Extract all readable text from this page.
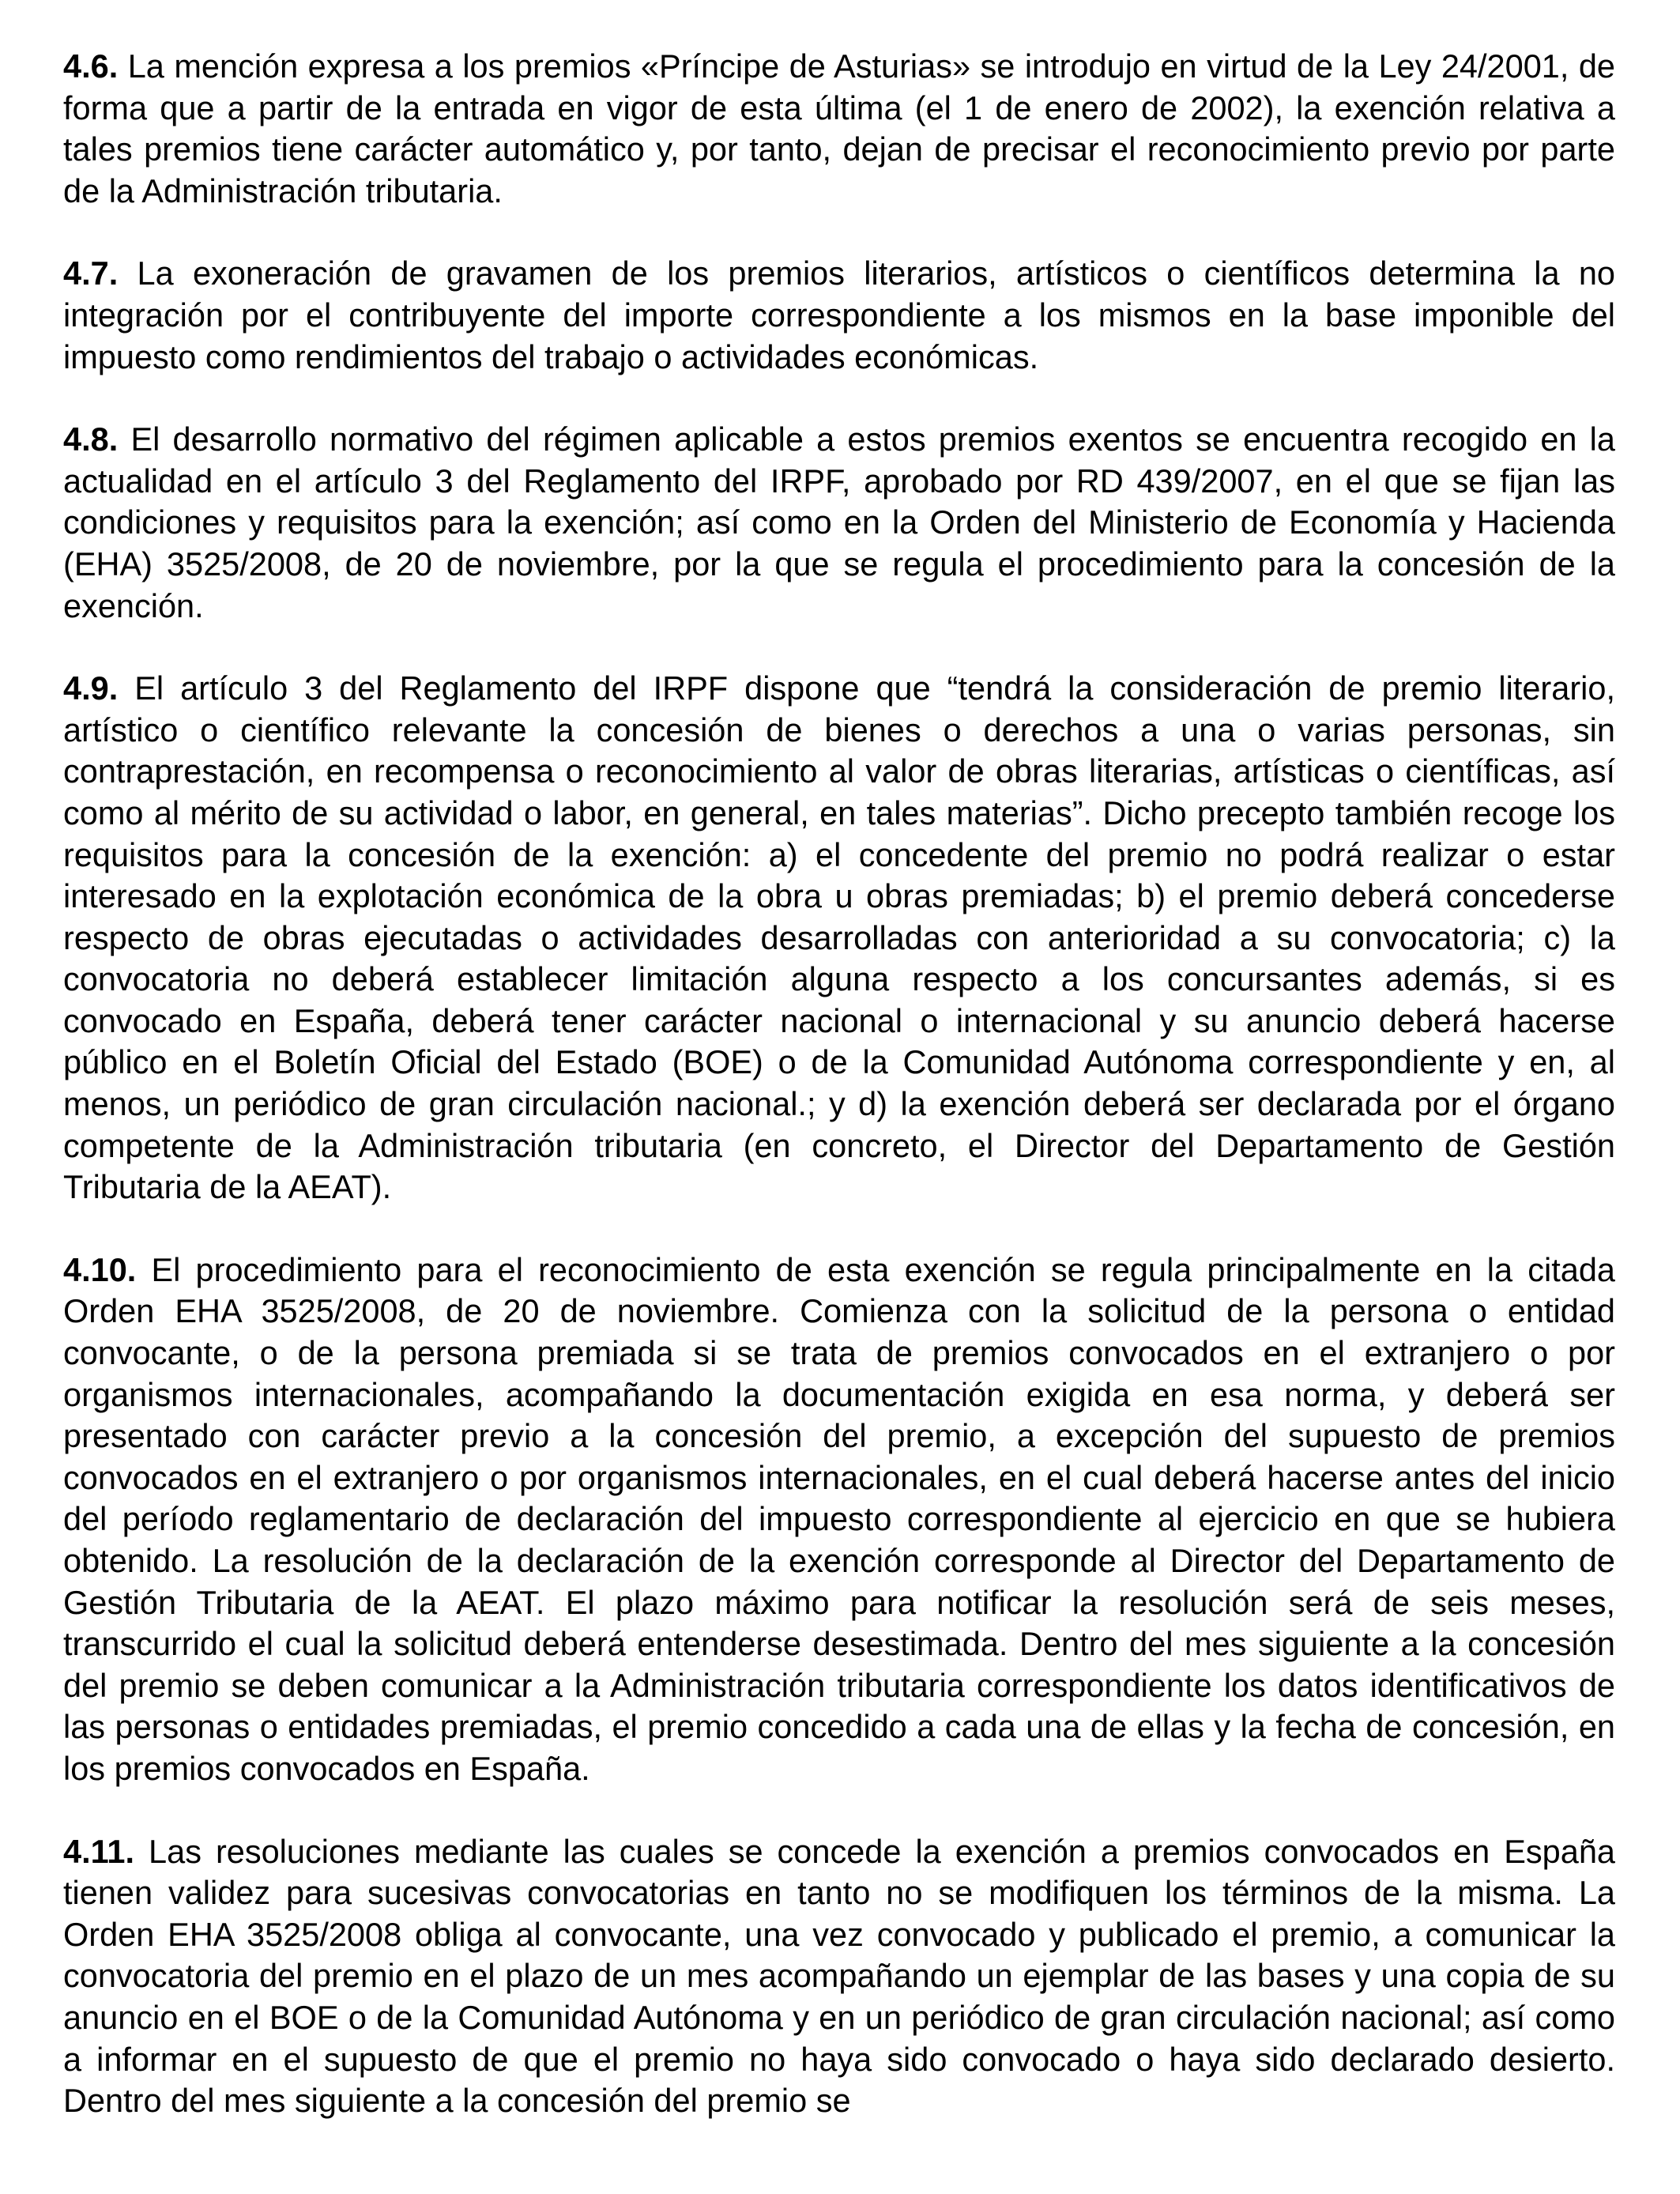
4.6. La mención expresa a los premios «Príncipe de Asturias» se introdujo en virtud de la Ley 24/2001, de forma que a partir de la entrada en vigor de esta última (el 1 de enero de 2002), la exención relativa a tales premios tiene carácter automático y, por tanto, dejan de precisar el reconocimiento previo por parte de la Administración tributaria.

4.7. La exoneración de gravamen de los premios literarios, artísticos o científicos determina la no integración por el contribuyente del importe correspondiente a los mismos en la base imponible del impuesto como rendimientos del trabajo o actividades económicas.

4.8. El desarrollo normativo del régimen aplicable a estos premios exentos se encuentra recogido en la actualidad en el artículo 3 del Reglamento del IRPF, aprobado por RD 439/2007, en el que se fijan las condiciones y requisitos para la exención; así como en la Orden del Ministerio de Economía y Hacienda (EHA) 3525/2008, de 20 de noviembre, por la que se regula el procedimiento para la concesión de la exención.

4.9. El artículo 3 del Reglamento del IRPF dispone que “tendrá la consideración de premio literario, artístico o científico relevante la concesión de bienes o derechos a una o varias personas, sin contraprestación, en recompensa o reconocimiento al valor de obras literarias, artísticas o científicas, así como al mérito de su actividad o labor, en general, en tales materias”. Dicho precepto también recoge los requisitos para la concesión de la exención: a) el concedente del premio no podrá realizar o estar interesado en la explotación económica de la obra u obras premiadas; b) el premio deberá concederse respecto de obras ejecutadas o actividades desarrolladas con anterioridad a su convocatoria; c) la convocatoria no deberá establecer limitación alguna respecto a los concursantes además, si es convocado en España, deberá tener carácter nacional o internacional y su anuncio deberá hacerse público en el Boletín Oficial del Estado (BOE) o de la Comunidad Autónoma correspondiente y en, al menos, un periódico de gran circulación nacional.; y d) la exención deberá ser declarada por el órgano competente de la Administración tributaria (en concreto, el Director del Departamento de Gestión Tributaria de la AEAT).

4.10. El procedimiento para el reconocimiento de esta exención se regula principalmente en la citada Orden EHA 3525/2008, de 20 de noviembre. Comienza con la solicitud de la persona o entidad convocante, o de la persona premiada si se trata de premios convocados en el extranjero o por organismos internacionales, acompañando la documentación exigida en esa norma, y deberá ser presentado con carácter previo a la concesión del premio, a excepción del supuesto de premios convocados en el extranjero o por organismos internacionales, en el cual deberá hacerse antes del inicio del período reglamentario de declaración del impuesto correspondiente al ejercicio en que se hubiera obtenido. La resolución de la declaración de la exención corresponde al Director del Departamento de Gestión Tributaria de la AEAT. El plazo máximo para notificar la resolución será de seis meses, transcurrido el cual la solicitud deberá entenderse desestimada. Dentro del mes siguiente a la concesión del premio se deben comunicar a la Administración tributaria correspondiente los datos identificativos de las personas o entidades premiadas, el premio concedido a cada una de ellas y la fecha de concesión, en los premios convocados en España.

4.11. Las resoluciones mediante las cuales se concede la exención a premios convocados en España tienen validez para sucesivas convocatorias en tanto no se modifiquen los términos de la misma. La Orden EHA 3525/2008 obliga al convocante, una vez convocado y publicado el premio, a comunicar la convocatoria del premio en el plazo de un mes acompañando un ejemplar de las bases y una copia de su anuncio en el BOE o de la Comunidad Autónoma y en un periódico de gran circulación nacional; así como a informar en el supuesto de que el premio no haya sido convocado o haya sido declarado desierto. Dentro del mes siguiente a la concesión del premio se
